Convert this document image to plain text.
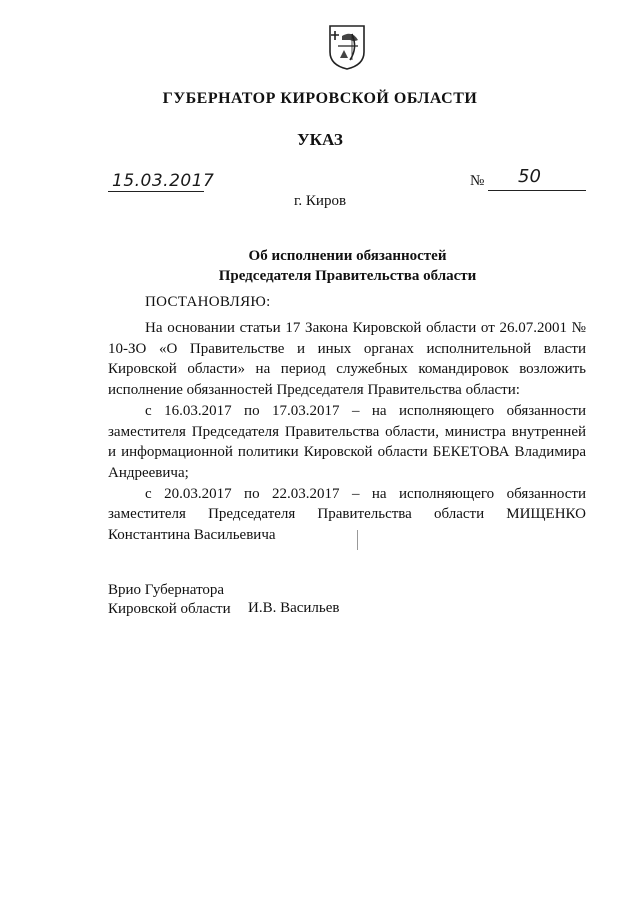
ГУБЕРНАТОР КИРОВСКОЙ ОБЛАСТИ
УКАЗ
15.03.2017	№ 50
г. Киров
Об исполнении обязанностей
Председателя Правительства области
ПОСТАНОВЛЯЮ:

На основании статьи 17 Закона Кировской области от 26.07.2001 № 10-ЗО «О Правительстве и иных органах исполнительной власти Кировской области» на период служебных командировок возложить исполнение обязанностей Председателя Правительства области:

с 16.03.2017 по 17.03.2017 – на исполняющего обязанности заместителя Председателя Правительства области, министра внутренней и информационной политики Кировской области БЕКЕТОВА Владимира Андреевича;

с 20.03.2017 по 22.03.2017 – на исполняющего обязанности заместителя Председателя Правительства области МИЩЕНКО Константина Васильевича

Врио Губернатора
Кировской области И.В. Васильев
